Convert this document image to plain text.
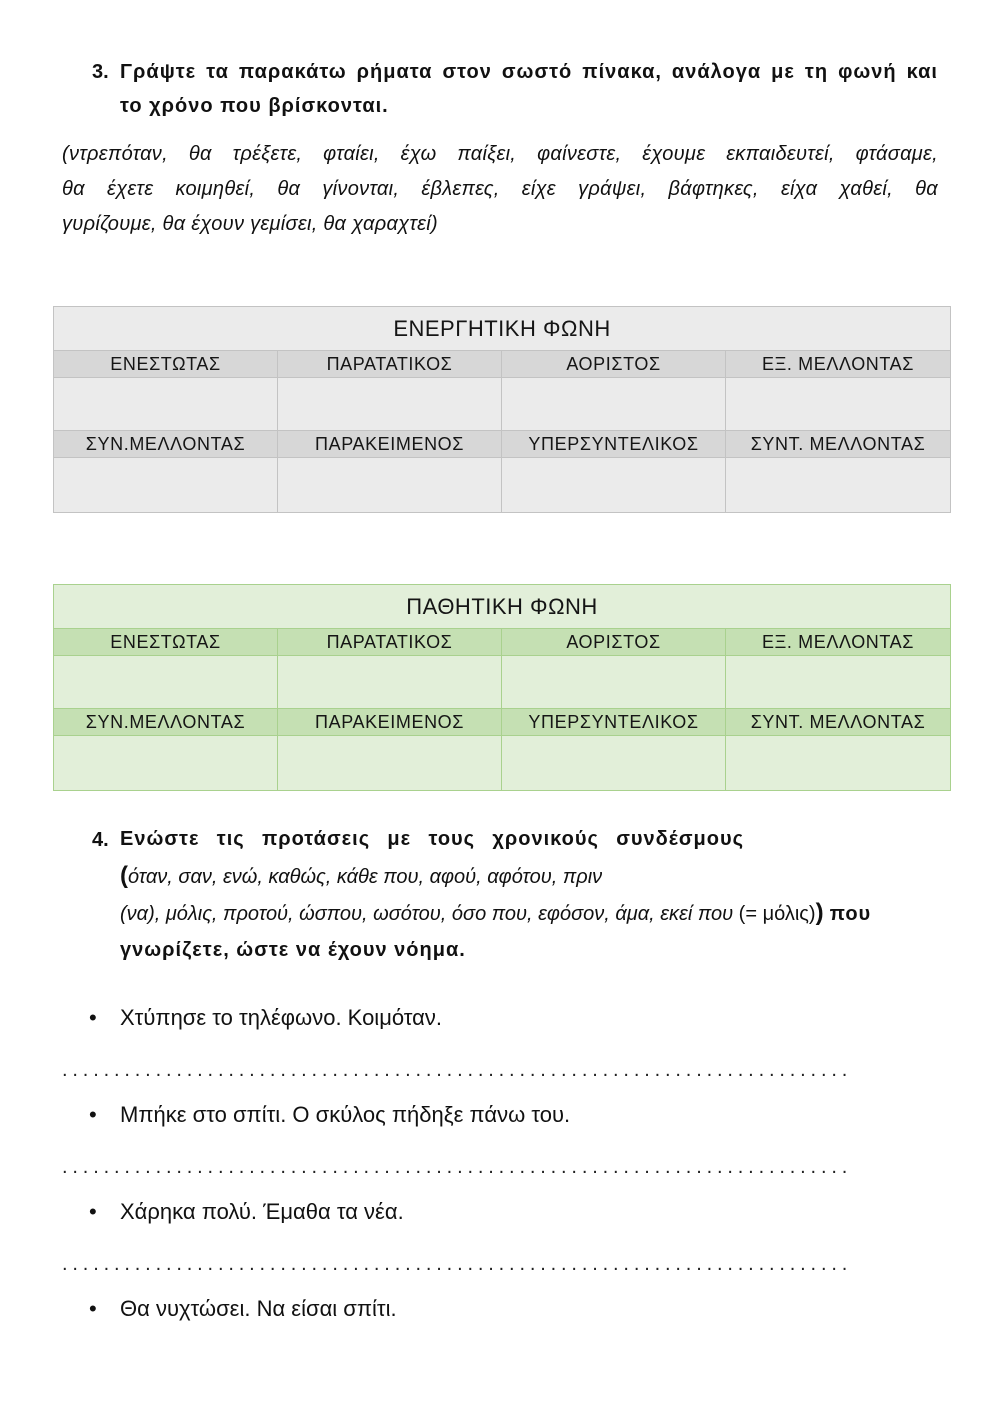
3. Γράψτε τα παρακάτω ρήματα στον σωστό πίνακα, ανάλογα με τη φωνή και
το χρόνο που βρίσκονται.
(ντρεπόταν, θα τρέξετε, φταίει, έχω παίξει, φαίνεστε, έχουμε εκπαιδευτεί, φτάσαμε,
θα έχετε κοιμηθεί, θα γίνονται, έβλεπες, είχε γράψει, βάφτηκες, είχα χαθεί, θα
γυρίζουμε, θα έχουν γεμίσει, θα χαραχτεί)
ΕΝΕΡΓΗΤΙΚΗ ΦΩΝΗ			
ΕΝΕΣΤΩΤΑΣ	ΠΑΡΑΤΑΤΙΚΟΣ	ΑΟΡΙΣΤΟΣ	ΕΞ. ΜΕΛΛΟΝΤΑΣ

ΣΥΝ.ΜΕΛΛΟΝΤΑΣ	ΠΑΡΑΚΕΙΜΕΝΟΣ	ΥΠΕΡΣΥΝΤΕΛΙΚΟΣ	ΣΥΝΤ. ΜΕΛΛΟΝΤΑΣ

ΠΑΘΗΤΙΚΗ ΦΩΝΗ			
ΕΝΕΣΤΩΤΑΣ	ΠΑΡΑΤΑΤΙΚΟΣ	ΑΟΡΙΣΤΟΣ	ΕΞ. ΜΕΛΛΟΝΤΑΣ

ΣΥΝ.ΜΕΛΛΟΝΤΑΣ	ΠΑΡΑΚΕΙΜΕΝΟΣ	ΥΠΕΡΣΥΝΤΕΛΙΚΟΣ	ΣΥΝΤ. ΜΕΛΛΟΝΤΑΣ

4. Ενώστε τις προτάσεις με τους χρονικούς συνδέσμους
(όταν, σαν, ενώ, καθώς, κάθε που, αφού, αφότου, πριν
(να), μόλις, προτού, ώσπου, ωσότου, όσο που, εφόσον, άμα, εκεί που (= μόλις)) που
γνωρίζετε, ώστε να έχουν νόημα.
• Χτύπησε το τηλέφωνο. Κοιμόταν.
............................................................................
• Μπήκε στο σπίτι. Ο σκύλος πήδηξε πάνω του.
............................................................................
• Χάρηκα πολύ. Έμαθα τα νέα.
............................................................................
• Θα νυχτώσει. Να είσαι σπίτι.
